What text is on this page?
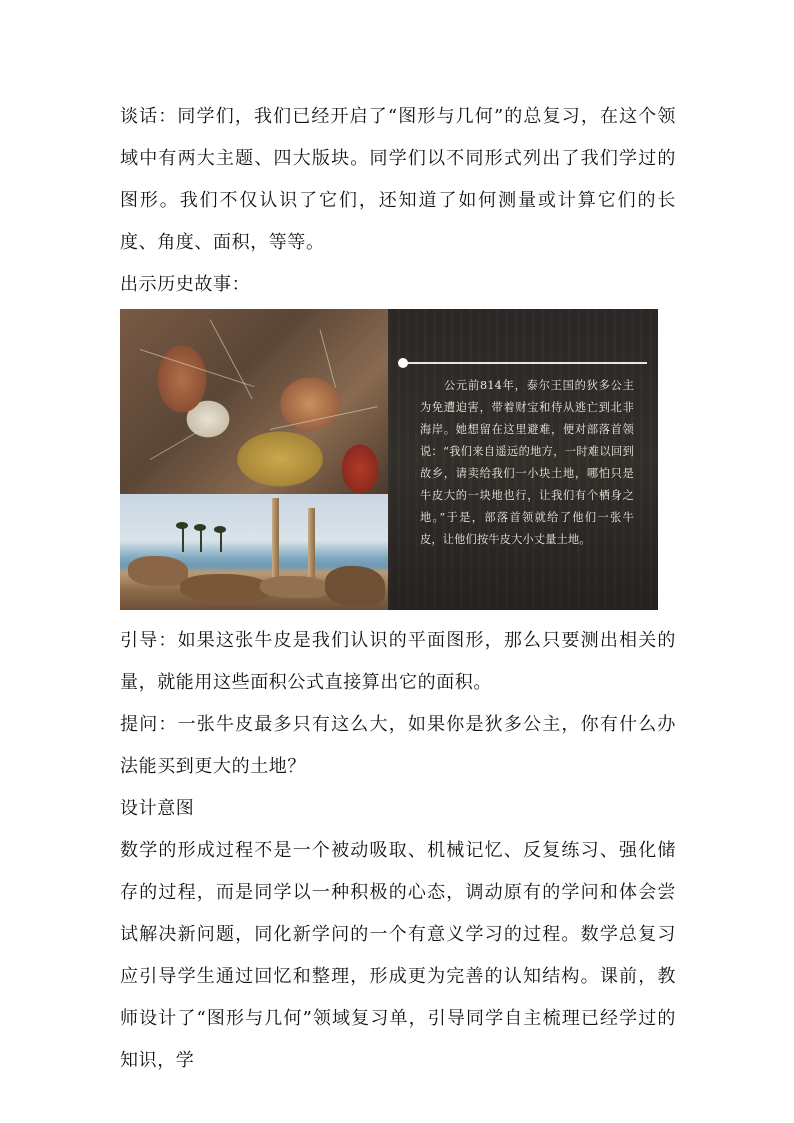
谈话：同学们，我们已经开启了“图形与几何”的总复习，在这个领域中有两大主题、四大版块。同学们以不同形式列出了我们学过的图形。我们不仅认识了它们，还知道了如何测量或计算它们的长度、角度、面积，等等。

出示历史故事：

　　公元前814年，泰尔王国的狄多公主为免遭迫害，带着财宝和侍从逃亡到北非海岸。她想留在这里避难，便对部落首领说：“我们来自遥远的地方，一时难以回到故乡，请卖给我们一小块土地，哪怕只是牛皮大的一块地也行，让我们有个栖身之地。”于是，部落首领就给了他们一张牛皮，让他们按牛皮大小丈量土地。

引导：如果这张牛皮是我们认识的平面图形，那么只要测出相关的量，就能用这些面积公式直接算出它的面积。

提问：一张牛皮最多只有这么大，如果你是狄多公主，你有什么办法能买到更大的土地？

设计意图

数学的形成过程不是一个被动吸取、机械记忆、反复练习、强化储存的过程，而是同学以一种积极的心态，调动原有的学问和体会尝试解决新问题，同化新学问的一个有意义学习的过程。数学总复习应引导学生通过回忆和整理，形成更为完善的认知结构。课前，教师设计了“图形与几何”领域复习单，引导同学自主梳理已经学过的知识，学
